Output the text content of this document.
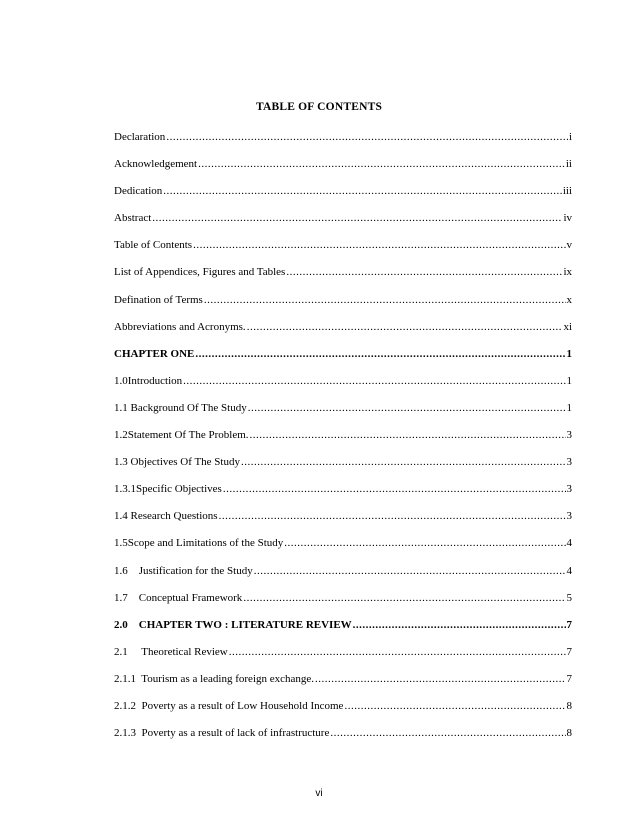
TABLE OF CONTENTS
Declaration .....	i
Acknowledgement .....	ii
Dedication .....	iii
Abstract .....	iv
Table of Contents .....	v
List of Appendices, Figures and Tables .....	ix
Defination of Terms .....	x
Abbreviations and Acronyms. .....	xi
CHAPTER ONE .....	1
1.0Introduction .....	1
1.1 Background Of The Study .....	1
1.2Statement Of The Problem. .....	3
1.3 Objectives Of The Study .....	3
1.3.1Specific Objectives .....	3
1.4 Research Questions .....	3
1.5Scope and Limitations of the Study .....	4
1.6    Justification for the Study .....	4
1.7    Conceptual Framework .....	5
2.0    CHAPTER TWO : LITERATURE REVIEW .....	7
2.1     Theoretical Review .....	7
2.1.1  Tourism as a leading foreign exchange. .....	7
2.1.2  Poverty as a result of Low Household Income .....	8
2.1.3  Poverty as a result of lack of infrastructure .....	8
vi
